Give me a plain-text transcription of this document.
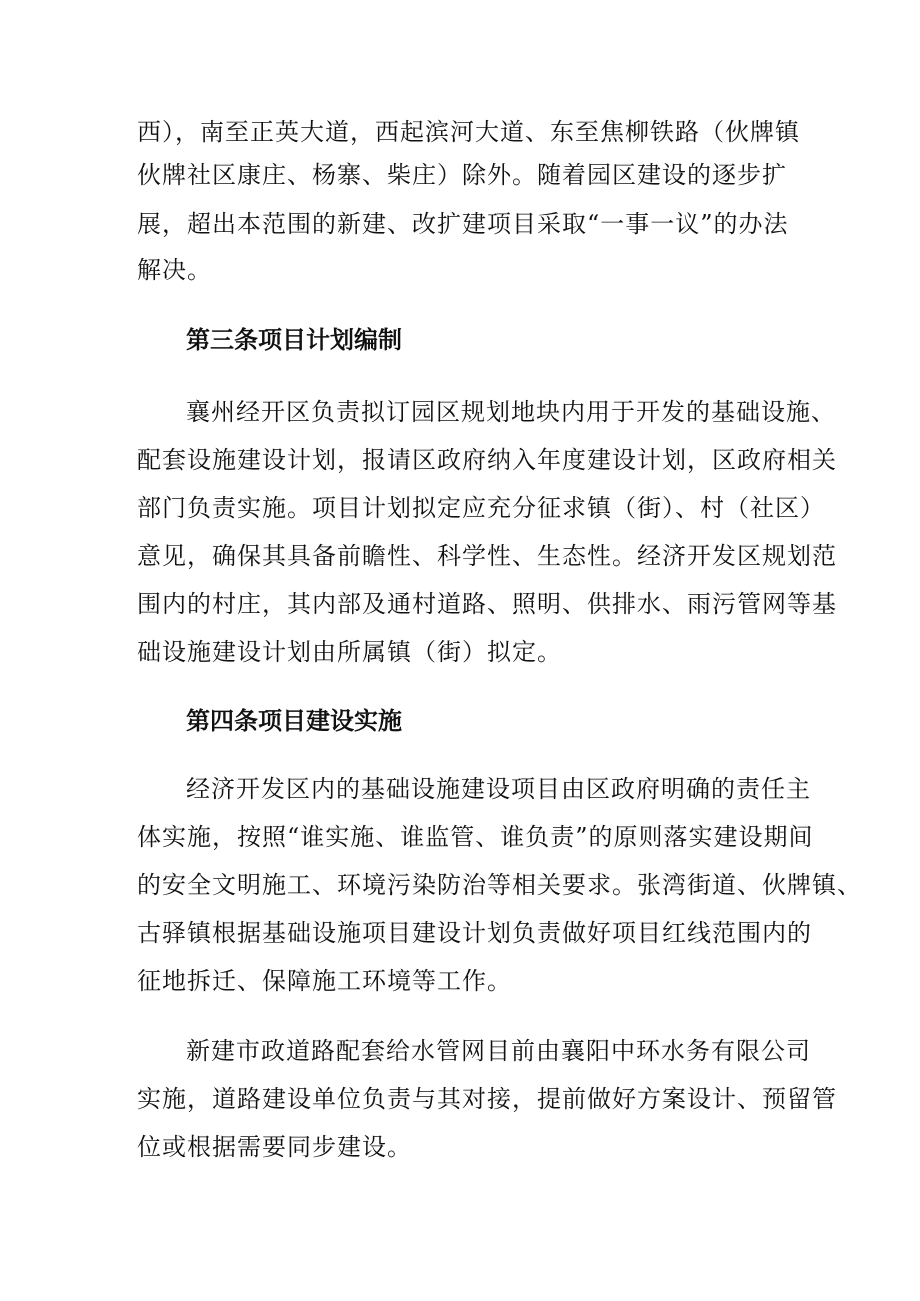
西），南至正英大道，西起滨河大道、东至焦柳铁路（伙牌镇
伙牌社区康庄、杨寨、柴庄）除外。随着园区建设的逐步扩
展，超出本范围的新建、改扩建项目采取“一事一议”的办法
解决。
第三条项目计划编制
襄州经开区负责拟订园区规划地块内用于开发的基础设施、
配套设施建设计划，报请区政府纳入年度建设计划，区政府相关
部门负责实施。项目计划拟定应充分征求镇（街）、村（社区）
意见，确保其具备前瞻性、科学性、生态性。经济开发区规划范
围内的村庄，其内部及通村道路、照明、供排水、雨污管网等基
础设施建设计划由所属镇（街）拟定。
第四条项目建设实施
经济开发区内的基础设施建设项目由区政府明确的责任主
体实施，按照“谁实施、谁监管、谁负责”的原则落实建设期间
的安全文明施工、环境污染防治等相关要求。张湾街道、伙牌镇、
古驿镇根据基础设施项目建设计划负责做好项目红线范围内的
征地拆迁、保障施工环境等工作。
新建市政道路配套给水管网目前由襄阳中环水务有限公司
实施，道路建设单位负责与其对接，提前做好方案设计、预留管
位或根据需要同步建设。
